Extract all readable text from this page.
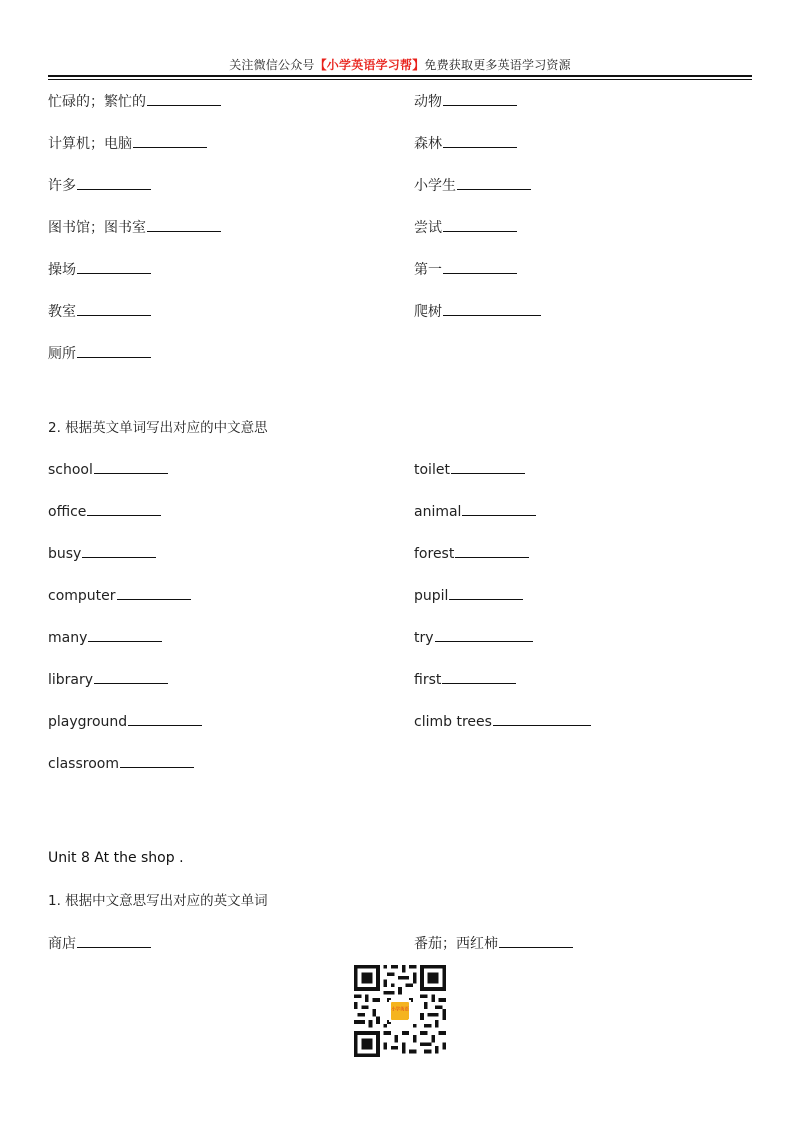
关注微信公众号【小学英语学习帮】免费获取更多英语学习资源
忙碌的；繁忙的
计算机；电脑
许多
图书馆；图书室
操场
教室
厕所
动物
森林
小学生
尝试
第一
爬树
2. 根据英文单词写出对应的中文意思
school
office
busy
computer
many
library
playground
classroom
toilet
animal
forest
pupil
try
first
climb trees
Unit 8 At the shop .
1. 根据中文意思写出对应的英文单词
商店	番茄；西红柿
小学英语
